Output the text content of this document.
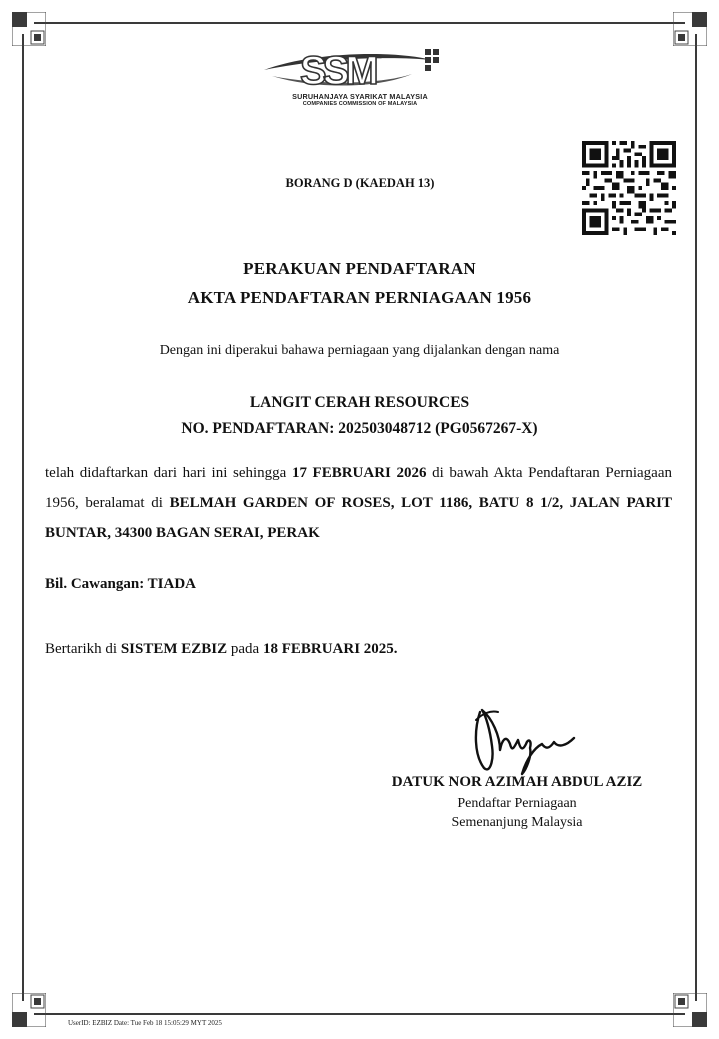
SSM
SURUHANJAYA SYARIKAT MALAYSIA
COMPANIES COMMISSION OF MALAYSIA
BORANG D (KAEDAH 13)
PERAKUAN PENDAFTARAN
AKTA PENDAFTARAN PERNIAGAAN 1956
Dengan ini diperakui bahawa perniagaan yang dijalankan dengan nama
LANGIT CERAH RESOURCES
NO. PENDAFTARAN: 202503048712 (PG0567267-X)
telah didaftarkan dari hari ini sehingga 17 FEBRUARI 2026 di bawah Akta Pendaftaran Perniagaan 1956, beralamat di BELMAH GARDEN OF ROSES, LOT 1186, BATU 8 1/2, JALAN PARIT BUNTAR, 34300 BAGAN SERAI, PERAK
Bil. Cawangan: TIADA
Bertarikh di SISTEM EZBIZ pada 18 FEBRUARI 2025.
DATUK NOR AZIMAH ABDUL AZIZ
Pendaftar Perniagaan
Semenanjung Malaysia
UserID: EZBIZ Date: Tue Feb 18 15:05:29 MYT 2025
